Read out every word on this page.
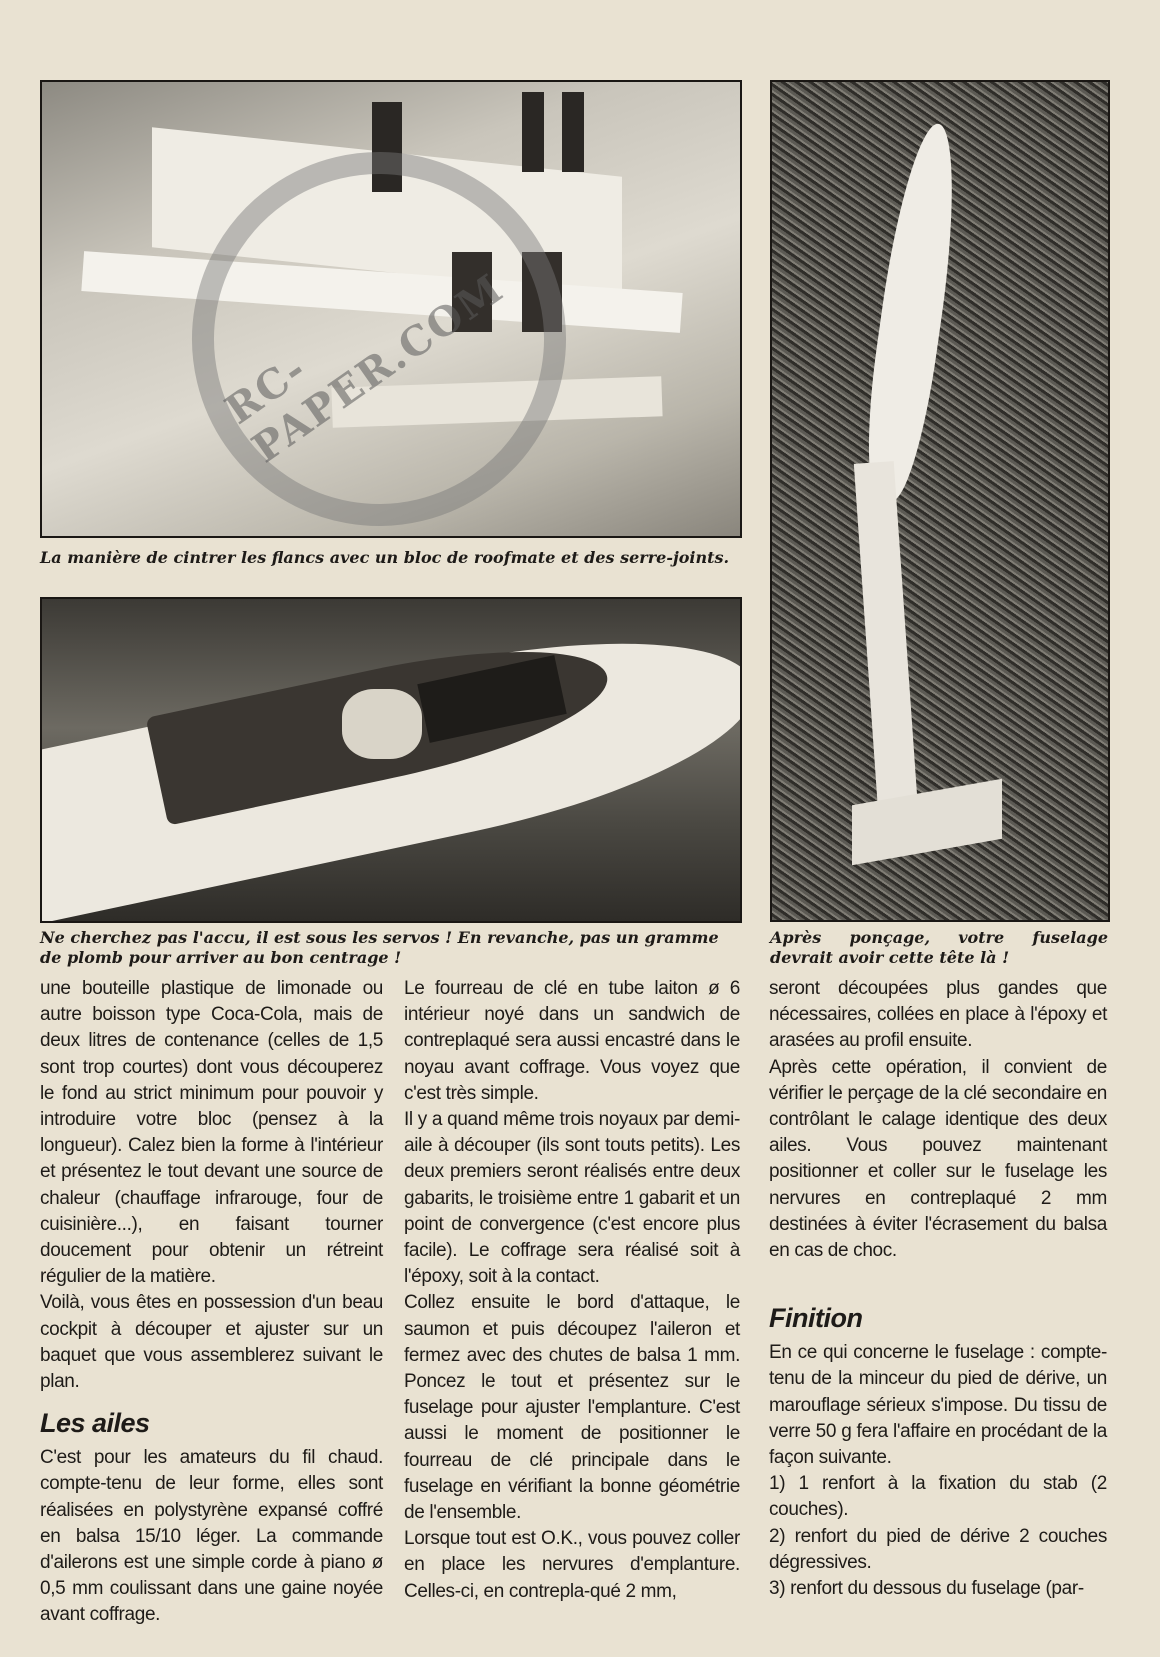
RC-PAPER.COM
La manière de cintrer les flancs avec un bloc de roofmate et des serre-joints.
Ne cherchez pas l'accu, il est sous les servos ! En revanche, pas un gramme de plomb pour arriver au bon centrage !
Après ponçage, votre fuselage devrait avoir cette tête là !

une bouteille plastique de limonade ou autre boisson type Coca-Cola, mais de deux litres de contenance (celles de 1,5 sont trop courtes) dont vous découperez le fond au strict minimum pour pouvoir y introduire votre bloc (pensez à la longueur). Calez bien la forme à l'intérieur et présentez le tout devant une source de chaleur (chauffage infrarouge, four de cuisinière...), en faisant tourner doucement pour obtenir un rétreint régulier de la matière.

Voilà, vous êtes en possession d'un beau cockpit à découper et ajuster sur un baquet que vous assemblerez suivant le plan.

Les ailes

C'est pour les amateurs du fil chaud. compte-tenu de leur forme, elles sont réalisées en polystyrène expansé coffré en balsa 15/10 léger. La commande d'ailerons est une simple corde à piano ø 0,5 mm coulissant dans une gaine noyée avant coffrage.

Le fourreau de clé en tube laiton ø 6 intérieur noyé dans un sandwich de contreplaqué sera aussi encastré dans le noyau avant coffrage. Vous voyez que c'est très simple.

Il y a quand même trois noyaux par demi-aile à découper (ils sont touts petits). Les deux premiers seront réalisés entre deux gabarits, le troisième entre 1 gabarit et un point de convergence (c'est encore plus facile). Le coffrage sera réalisé soit à l'époxy, soit à la contact.

Collez ensuite le bord d'attaque, le saumon et puis découpez l'aileron et fermez avec des chutes de balsa 1 mm. Poncez le tout et présentez sur le fuselage pour ajuster l'emplanture. C'est aussi le moment de positionner le fourreau de clé principale dans le fuselage en vérifiant la bonne géométrie de l'ensemble.

Lorsque tout est O.K., vous pouvez coller en place les nervures d'emplanture. Celles-ci, en contrepla-qué 2 mm,

seront découpées plus gandes que nécessaires, collées en place à l'époxy et arasées au profil ensuite.

Après cette opération, il convient de vérifier le perçage de la clé secondaire en contrôlant le calage identique des deux ailes. Vous pouvez maintenant positionner et coller sur le fuselage les nervures en contreplaqué 2 mm destinées à éviter l'écrasement du balsa en cas de choc.

Finition

En ce qui concerne le fuselage : compte-tenu de la minceur du pied de dérive, un marouflage sérieux s'impose. Du tissu de verre 50 g fera l'affaire en procédant de la façon suivante.

1) 1 renfort à la fixation du stab (2 couches).

2) renfort du pied de dérive 2 couches dégressives.

3) renfort du dessous du fuselage (par-
